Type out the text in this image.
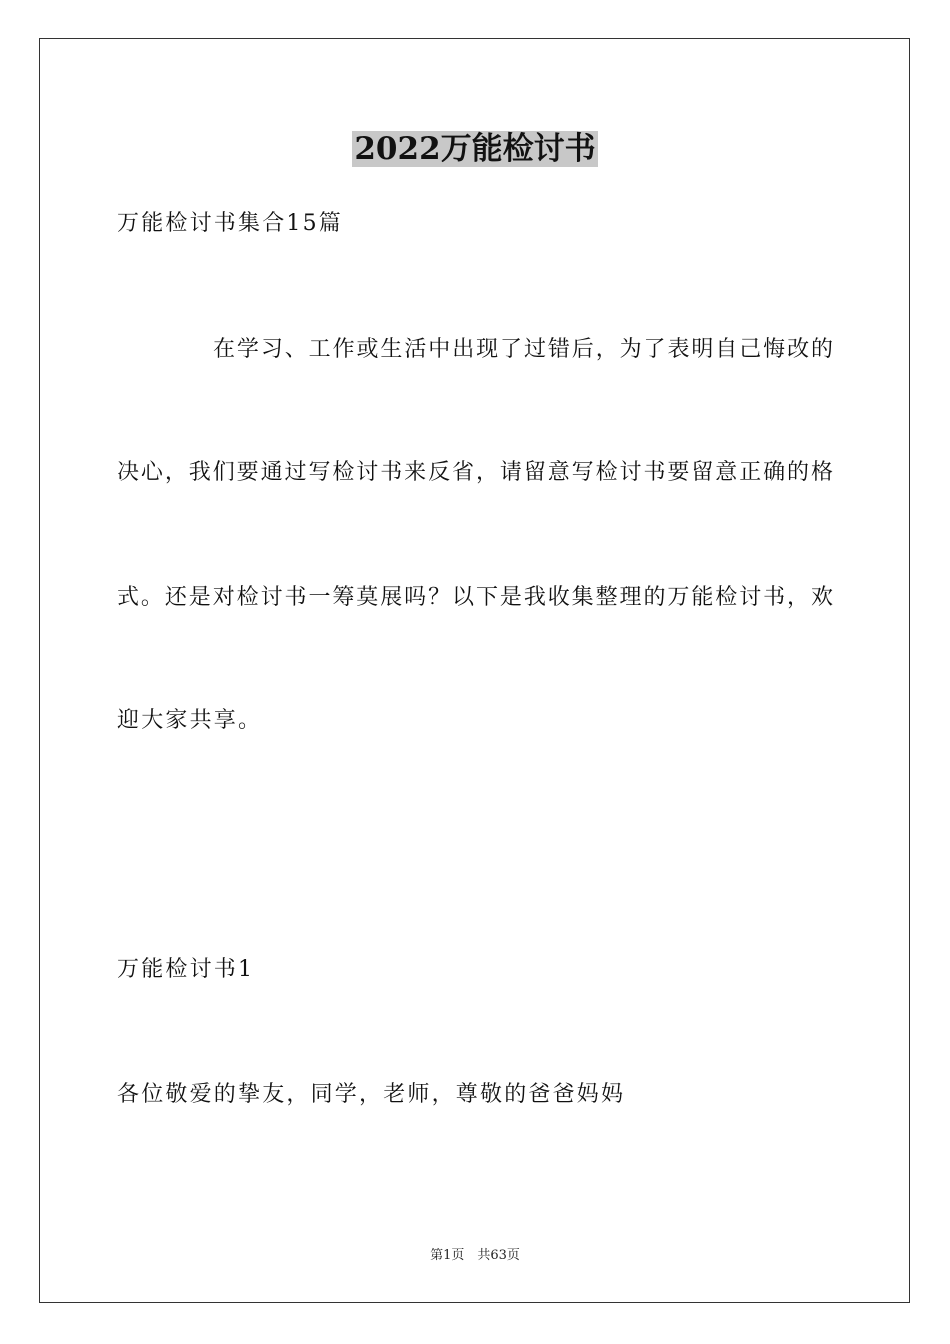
2022万能检讨书
万能检讨书集合15篇
在学习、工作或生活中出现了过错后，为了表明自己悔改的
决心，我们要通过写检讨书来反省，请留意写检讨书要留意正确的格
式。还是对检讨书一筹莫展吗？以下是我收集整理的万能检讨书，欢
迎大家共享。
万能检讨书1
各位敬爱的挚友，同学，老师，尊敬的爸爸妈妈
第1页　共63页
